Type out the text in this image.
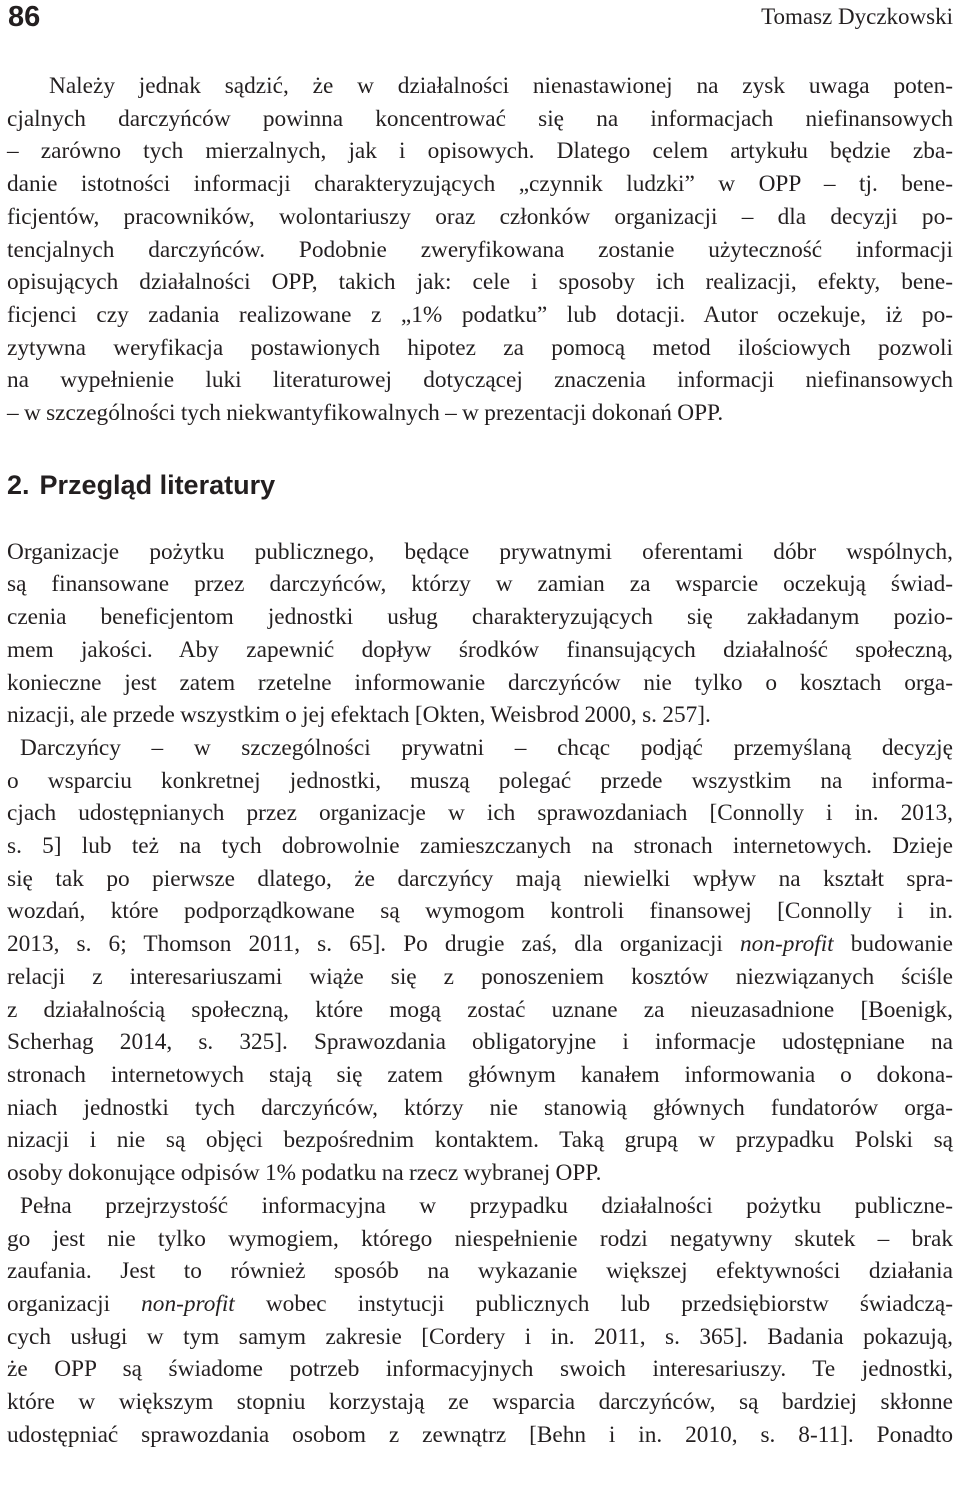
86	Tomasz Dyczkowski
Należy jednak sądzić, że w działalności nienastawionej na zysk uwaga poten-
cjalnych darczyńców powinna koncentrować się na informacjach niefinansowych
– zarówno tych mierzalnych, jak i opisowych. Dlatego celem artykułu będzie zba-
danie istotności informacji charakteryzujących „czynnik ludzki” w OPP – tj. bene-
ficjentów, pracowników, wolontariuszy oraz członków organizacji – dla decyzji po-
tencjalnych darczyńców. Podobnie zweryfikowana zostanie użyteczność informacji
opisujących działalności OPP, takich jak: cele i sposoby ich realizacji, efekty, bene-
ficjenci czy zadania realizowane z „1% podatku” lub dotacji. Autor oczekuje, iż po-
zytywna weryfikacja postawionych hipotez za pomocą metod ilościowych pozwoli
na wypełnienie luki literaturowej dotyczącej znaczenia informacji niefinansowych
– w szczególności tych niekwantyfikowalnych – w prezentacji dokonań OPP.
2. Przegląd literatury
Organizacje pożytku publicznego, będące prywatnymi oferentami dóbr wspólnych,
są finansowane przez darczyńców, którzy w zamian za wsparcie oczekują świad-
czenia beneficjentom jednostki usług charakteryzujących się zakładanym pozio-
mem jakości. Aby zapewnić dopływ środków finansujących działalność społeczną,
konieczne jest zatem rzetelne informowanie darczyńców nie tylko o kosztach orga-
nizacji, ale przede wszystkim o jej efektach [Okten, Weisbrod 2000, s. 257].
Darczyńcy – w szczególności prywatni – chcąc podjąć przemyślaną decyzję
o wsparciu konkretnej jednostki, muszą polegać przede wszystkim na informa-
cjach udostępnianych przez organizacje w ich sprawozdaniach [Connolly i in. 2013,
s. 5] lub też na tych dobrowolnie zamieszczanych na stronach internetowych. Dzieje
się tak po pierwsze dlatego, że darczyńcy mają niewielki wpływ na kształt spra-
wozdań, które podporządkowane są wymogom kontroli finansowej [Connolly i in.
2013, s. 6; Thomson 2011, s. 65]. Po drugie zaś, dla organizacji non-profit budowanie
relacji z interesariuszami wiąże się z ponoszeniem kosztów niezwiązanych ściśle
z działalnością społeczną, które mogą zostać uznane za nieuzasadnione [Boenigk,
Scherhag 2014, s. 325]. Sprawozdania obligatoryjne i informacje udostępniane na
stronach internetowych stają się zatem głównym kanałem informowania o dokona-
niach jednostki tych darczyńców, którzy nie stanowią głównych fundatorów orga-
nizacji i nie są objęci bezpośrednim kontaktem. Taką grupą w przypadku Polski są
osoby dokonujące odpisów 1% podatku na rzecz wybranej OPP.
Pełna przejrzystość informacyjna w przypadku działalności pożytku publiczne-
go jest nie tylko wymogiem, którego niespełnienie rodzi negatywny skutek – brak
zaufania. Jest to również sposób na wykazanie większej efektywności działania
organizacji non-profit wobec instytucji publicznych lub przedsiębiorstw świadczą-
cych usługi w tym samym zakresie [Cordery i in. 2011, s. 365]. Badania pokazują,
że OPP są świadome potrzeb informacyjnych swoich interesariuszy. Te jednostki,
które w większym stopniu korzystają ze wsparcia darczyńców, są bardziej skłonne
udostępniać sprawozdania osobom z zewnątrz [Behn i in. 2010, s. 8-11]. Ponadto
